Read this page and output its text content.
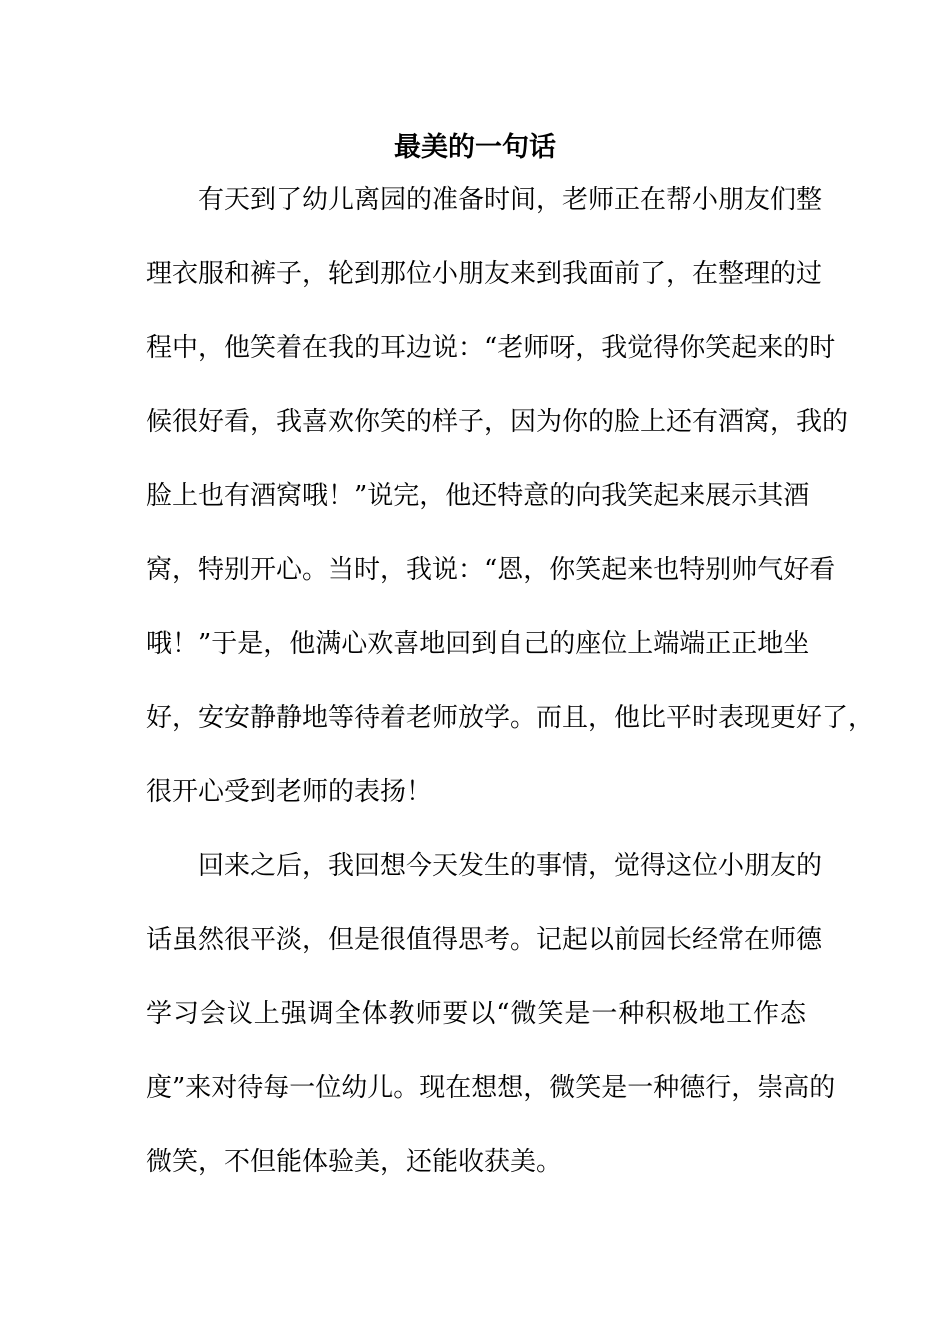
最美的一句话

有天到了幼儿离园的准备时间，老师正在帮小朋友们整
理衣服和裤子，轮到那位小朋友来到我面前了，在整理的过
程中，他笑着在我的耳边说：“老师呀，我觉得你笑起来的时
候很好看，我喜欢你笑的样子，因为你的脸上还有酒窝，我的
脸上也有酒窝哦！”说完，他还特意的向我笑起来展示其酒
窝，特别开心。当时，我说：“恩，你笑起来也特别帅气好看
哦！”于是，他满心欢喜地回到自己的座位上端端正正地坐
好，安安静静地等待着老师放学。而且，他比平时表现更好了，
很开心受到老师的表扬！

回来之后，我回想今天发生的事情，觉得这位小朋友的
话虽然很平淡，但是很值得思考。记起以前园长经常在师德
学习会议上强调全体教师要以“微笑是一种积极地工作态
度”来对待每一位幼儿。现在想想，微笑是一种德行，崇高的
微笑，不但能体验美，还能收获美。
